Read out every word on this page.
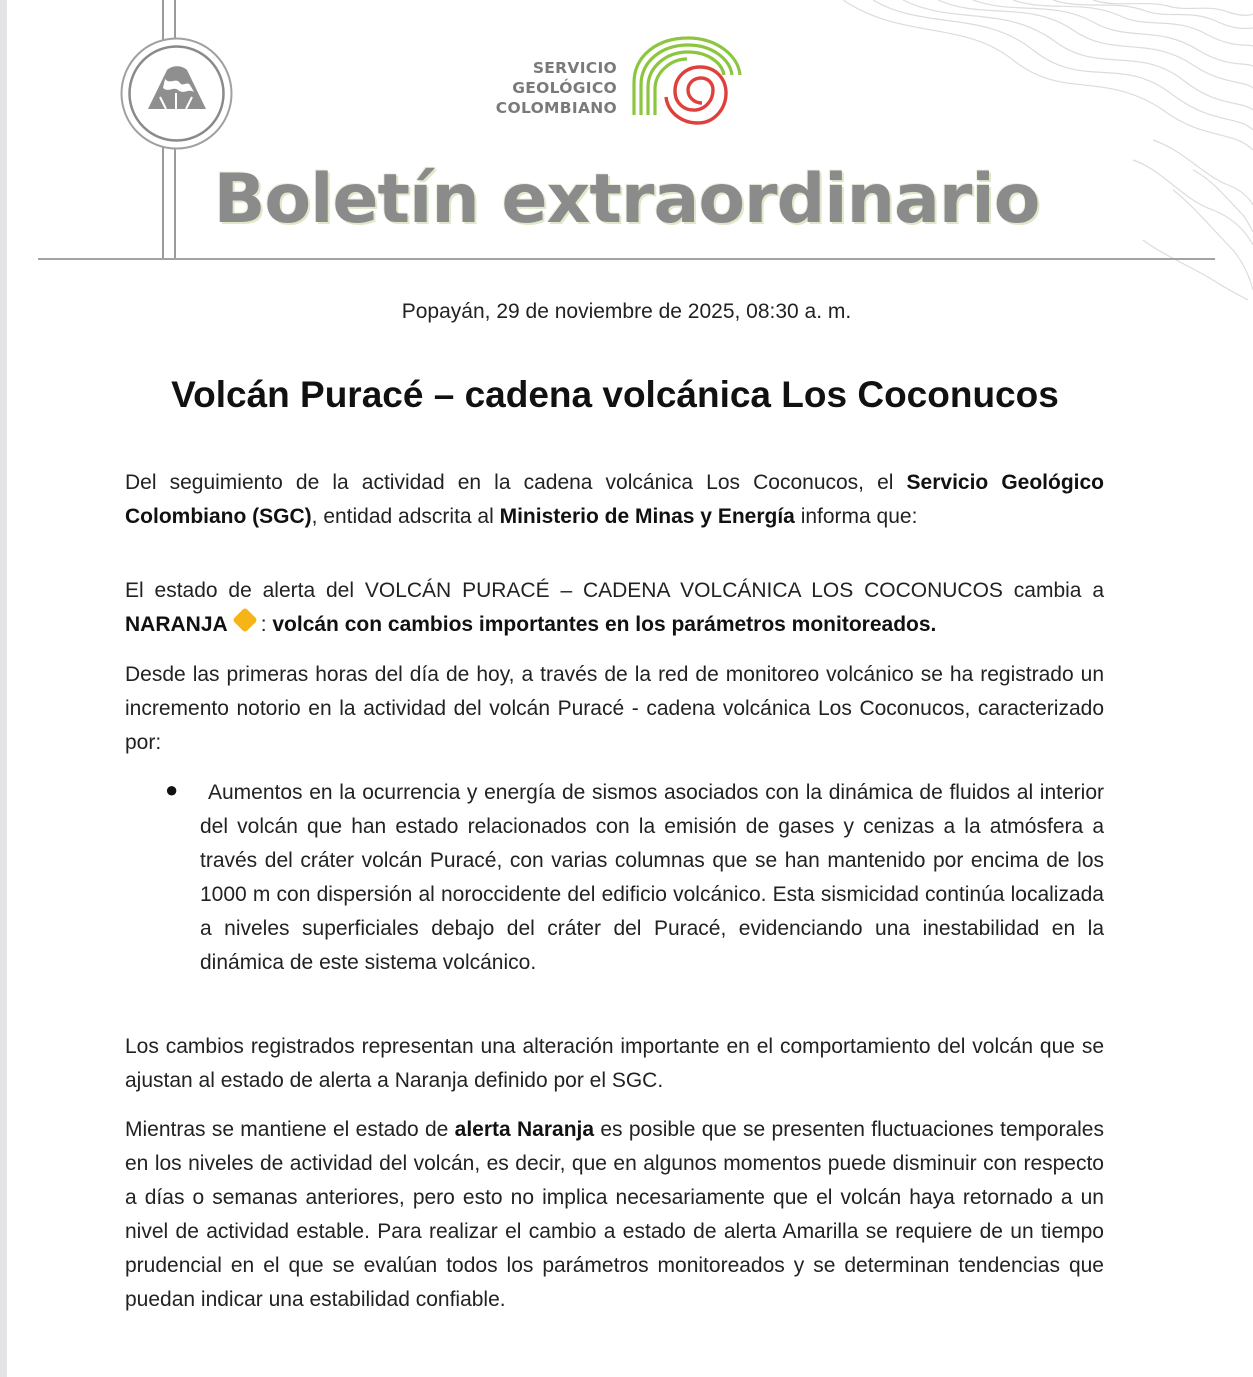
SERVICIO
GEOLÓGICO
COLOMBIANO
Boletín extraordinario
Popayán, 29 de noviembre de 2025, 08:30 a. m.
Volcán Puracé – cadena volcánica Los Coconucos

Del seguimiento de la actividad en la cadena volcánica Los Coconucos, el Servicio Geológico Colombiano (SGC), entidad adscrita al Ministerio de Minas y Energía informa que:

El estado de alerta del VOLCÁN PURACÉ – CADENA VOLCÁNICA LOS COCONUCOS cambia a NARANJA : volcán con cambios importantes en los parámetros monitoreados.

Desde las primeras horas del día de hoy, a través de la red de monitoreo volcánico se ha registrado un incremento notorio en la actividad del volcán Puracé - cadena volcánica Los Coconucos, caracterizado por:

●	Aumentos en la ocurrencia y energía de sismos asociados con la dinámica de fluidos al interior del volcán que han estado relacionados con la emisión de gases y cenizas a la atmósfera a través del cráter volcán Puracé, con varias columnas que se han mantenido por encima de los 1000 m con dispersión al noroccidente del edificio volcánico. Esta sismicidad continúa localizada a niveles superficiales debajo del cráter del Puracé, evidenciando una inestabilidad en la dinámica de este sistema volcánico.

Los cambios registrados representan una alteración importante en el comportamiento del volcán que se ajustan al estado de alerta a Naranja definido por el SGC.

Mientras se mantiene el estado de alerta Naranja es posible que se presenten fluctuaciones temporales en los niveles de actividad del volcán, es decir, que en algunos momentos puede disminuir con respecto a días o semanas anteriores, pero esto no implica necesariamente que el volcán haya retornado a un nivel de actividad estable. Para realizar el cambio a estado de alerta Amarilla se requiere de un tiempo prudencial en el que se evalúan todos los parámetros monitoreados y se determinan tendencias que puedan indicar una estabilidad confiable.
